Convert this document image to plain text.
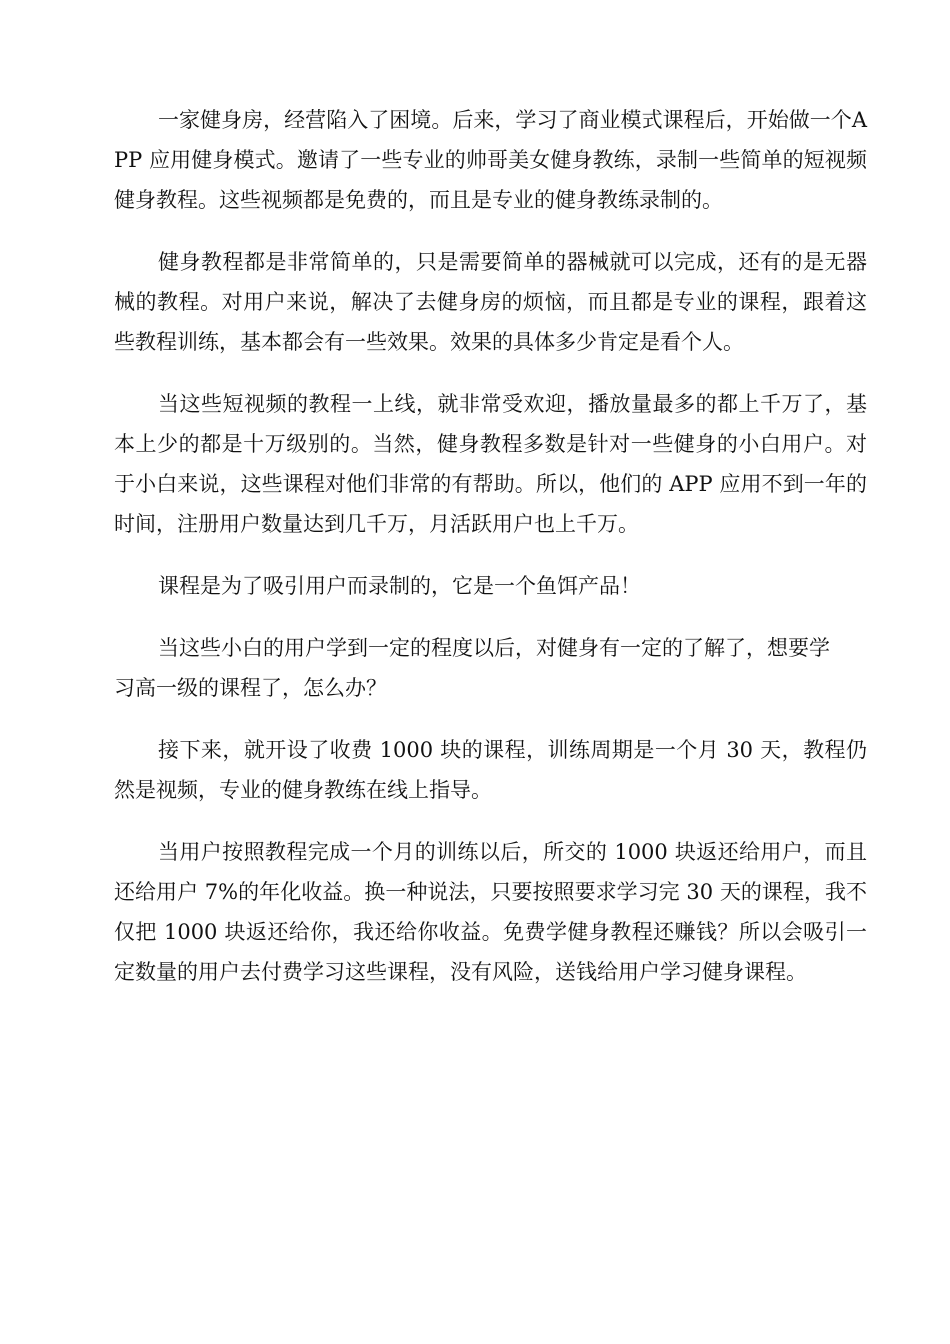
一家健身房，经营陷入了困境。后来，学习了商业模式课程后，开始做一个APP 应用健身模式。邀请了一些专业的帅哥美女健身教练，录制一些简单的短视频健身教程。这些视频都是免费的，而且是专业的健身教练录制的。

健身教程都是非常简单的，只是需要简单的器械就可以完成，还有的是无器械的教程。对用户来说，解决了去健身房的烦恼，而且都是专业的课程，跟着这些教程训练，基本都会有一些效果。效果的具体多少肯定是看个人。

当这些短视频的教程一上线，就非常受欢迎，播放量最多的都上千万了，基本上少的都是十万级别的。当然，健身教程多数是针对一些健身的小白用户。对于小白来说，这些课程对他们非常的有帮助。所以，他们的 APP 应用不到一年的时间，注册用户数量达到几千万，月活跃用户也上千万。

课程是为了吸引用户而录制的，它是一个鱼饵产品！

当这些小白的用户学到一定的程度以后，对健身有一定的了解了，想要学习高一级的课程了，怎么办？

接下来，就开设了收费 1000 块的课程，训练周期是一个月 30 天，教程仍然是视频，专业的健身教练在线上指导。

当用户按照教程完成一个月的训练以后，所交的 1000 块返还给用户，而且还给用户 7%的年化收益。换一种说法，只要按照要求学习完 30 天的课程，我不仅把 1000 块返还给你，我还给你收益。免费学健身教程还赚钱？所以会吸引一定数量的用户去付费学习这些课程，没有风险，送钱给用户学习健身课程。
